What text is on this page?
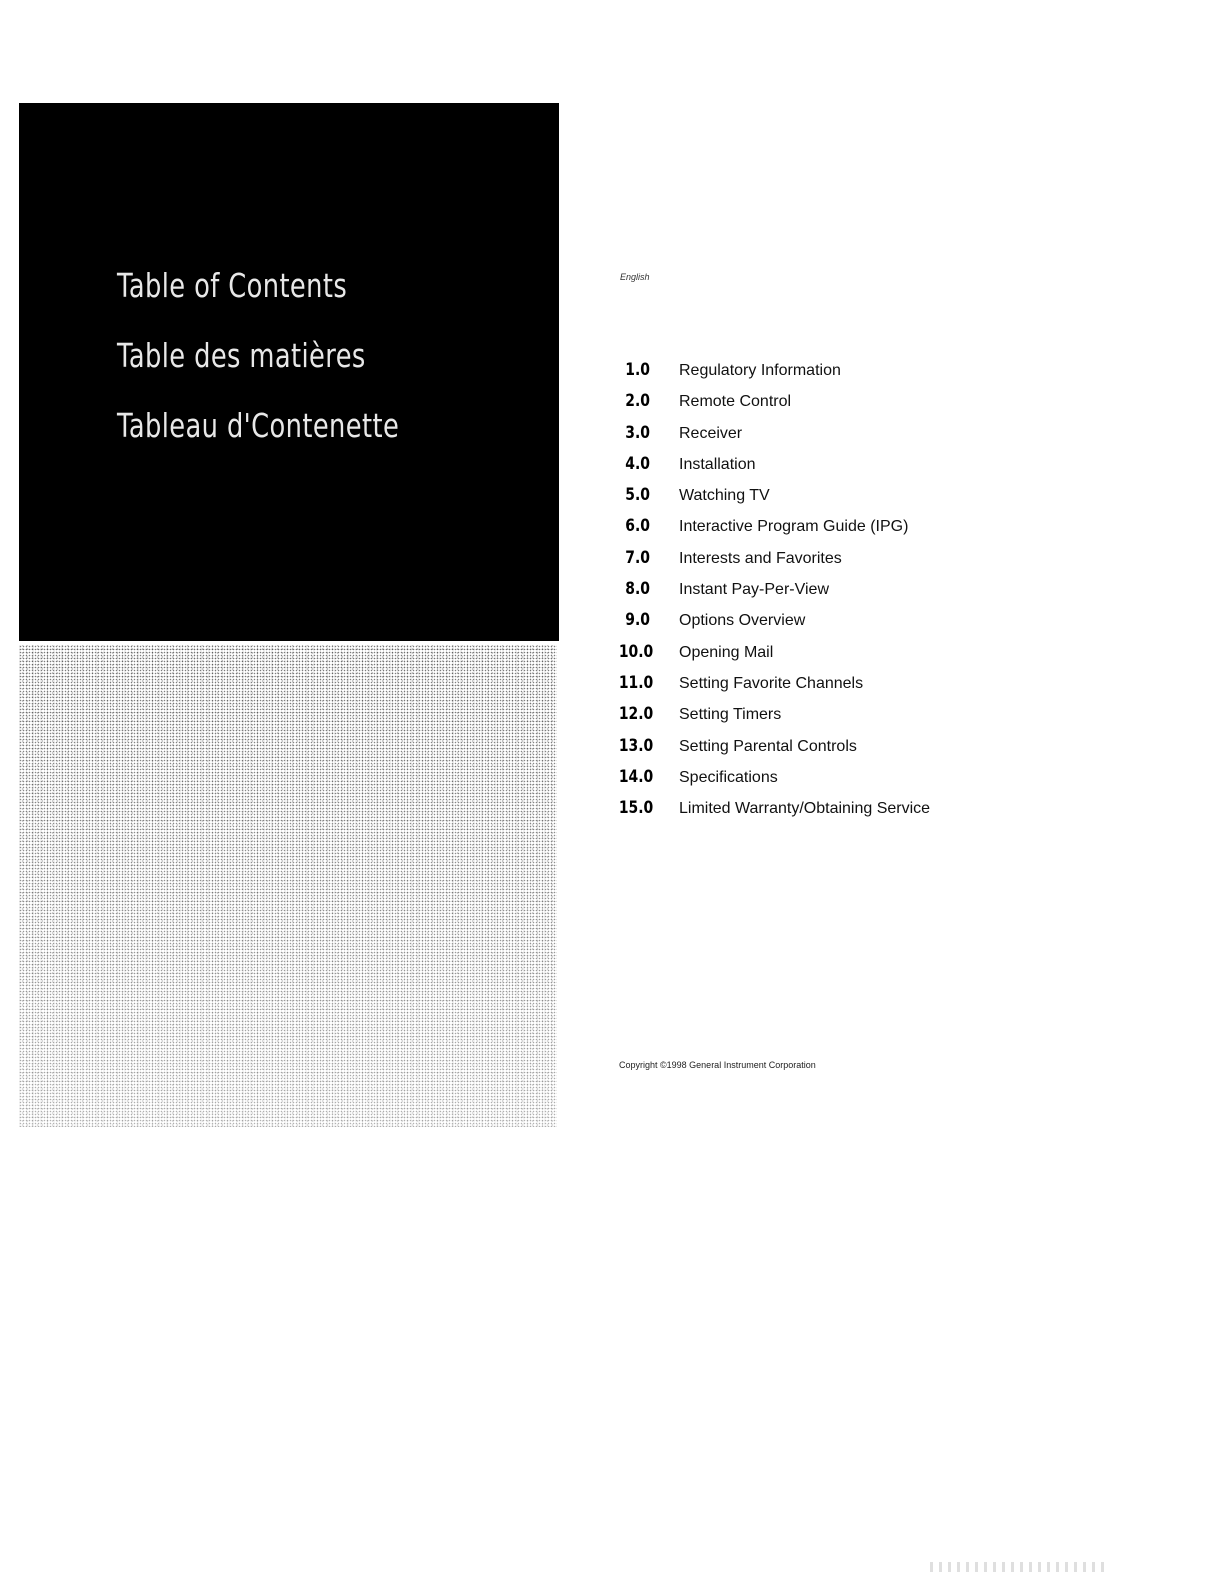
Table of Contents
Table des matières
Tableau d'Contenette
English
1.0 Regulatory Information
2.0 Remote Control
3.0 Receiver
4.0 Installation
5.0 Watching TV
6.0 Interactive Program Guide (IPG)
7.0 Interests and Favorites
8.0 Instant Pay-Per-View
9.0 Options Overview
10.0 Opening Mail
11.0 Setting Favorite Channels
12.0 Setting Timers
13.0 Setting Parental Controls
14.0 Specifications
15.0 Limited Warranty/Obtaining Service
Copyright ©1998 General Instrument Corporation
